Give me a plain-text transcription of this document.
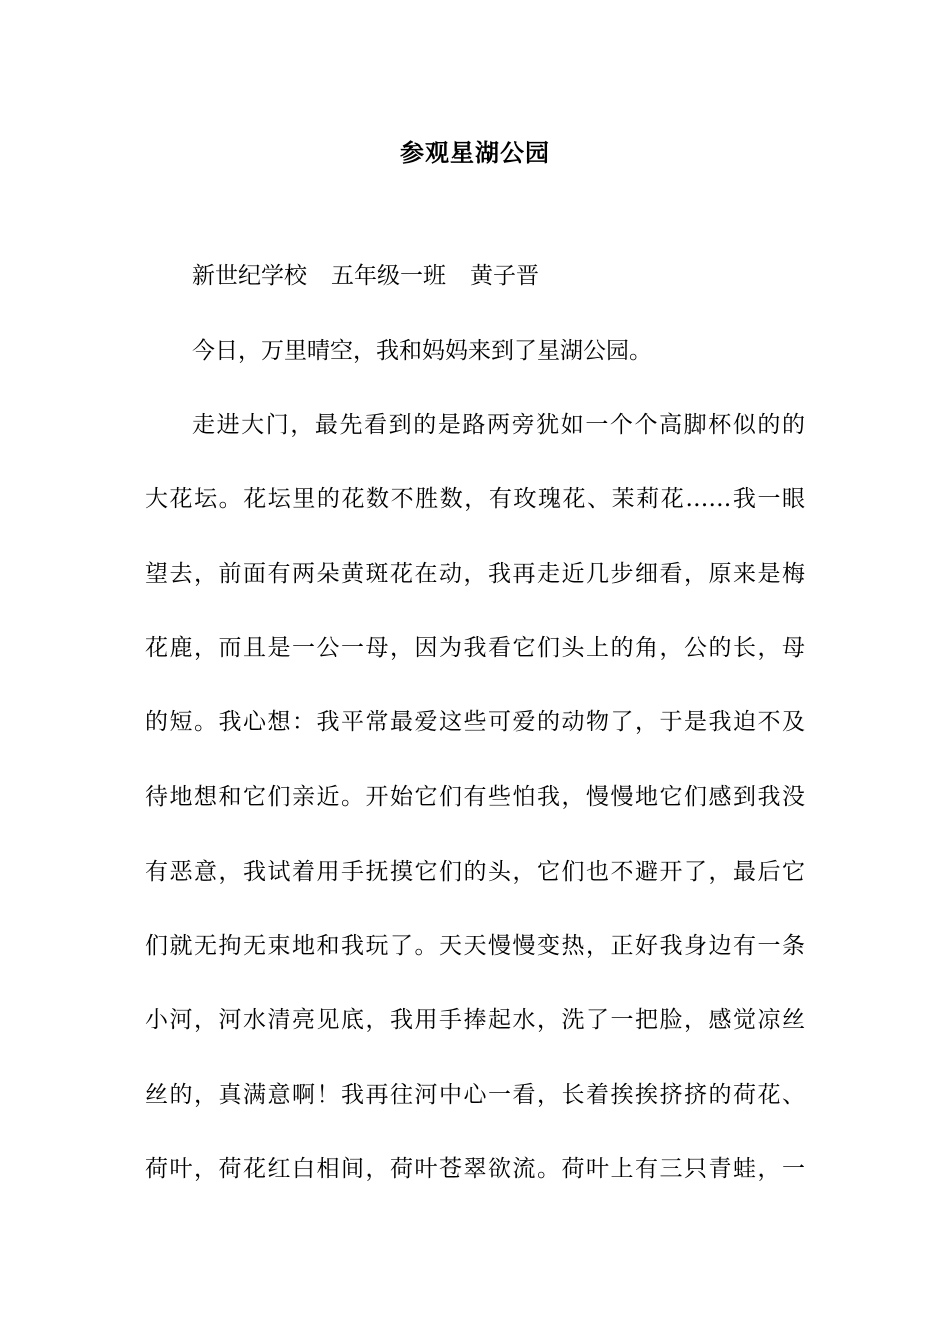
参观星湖公园
新世纪学校 五年级一班 黄子晋
今日，万里晴空，我和妈妈来到了星湖公园。
走进大门，最先看到的是路两旁犹如一个个高脚杯似的的
大花坛。花坛里的花数不胜数，有玫瑰花、茉莉花……我一眼
望去，前面有两朵黄斑花在动，我再走近几步细看，原来是梅
花鹿，而且是一公一母，因为我看它们头上的角，公的长，母
的短。我心想：我平常最爱这些可爱的动物了，于是我迫不及
待地想和它们亲近。开始它们有些怕我，慢慢地它们感到我没
有恶意，我试着用手抚摸它们的头，它们也不避开了，最后它
们就无拘无束地和我玩了。天天慢慢变热，正好我身边有一条
小河，河水清亮见底，我用手捧起水，洗了一把脸，感觉凉丝
丝的，真满意啊！我再往河中心一看，长着挨挨挤挤的荷花、
荷叶，荷花红白相间，荷叶苍翠欲流。荷叶上有三只青蛙，一
